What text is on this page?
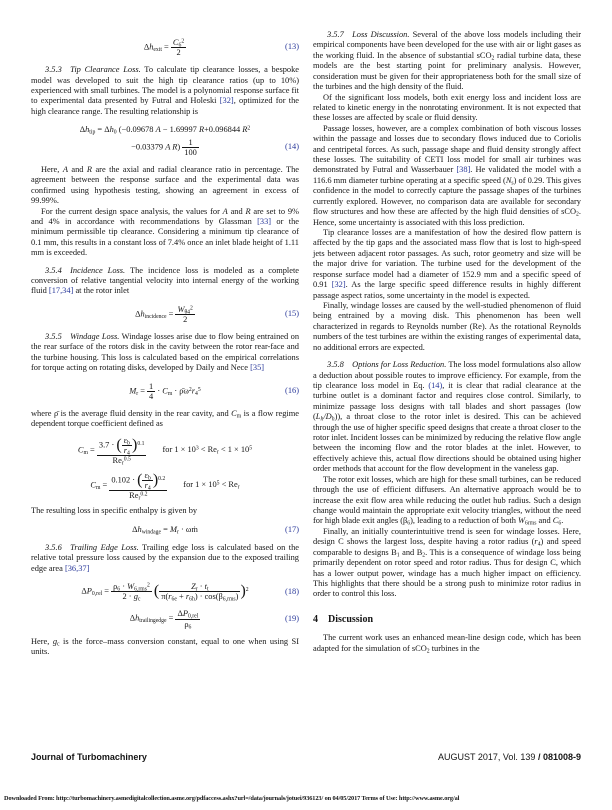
$\Delta h_{exit} = \frac{C_6^2}{2}$	(13)
3.5.3  Tip Clearance Loss. To calculate tip clearance losses, a bespoke model was developed to suit the high tip clearance ratios (up to 10%) experienced with small turbines. The model is a polynomial response surface fit to experimental data presented by Futral and Holeski [32], optimized for the high clearance range. The resulting relationship is
$\Delta h_{tip} = \Delta h_0$ (−0.09678 A − 1.69997 R+0.096844 $R^2$
−0.03379 A $R) \frac{1}{100}$	(14)
Here, A and R are the axial and radial clearance ratio in percentage. The agreement between the response surface and the experimental data was confirmed using hypothesis testing, showing an agreement in excess of 99.99%.
For the current design space analysis, the values for A and R are set to 9% and 4% in accordance with recommendations by Glassman [33] or the minimum permissible tip clearance. Considering a minimum tip clearance of 0.1 mm, this results in a constant loss of 7.4% once an inlet blade height of 1.11 mm is exceeded.
3.5.4  Incidence Loss. The incidence loss is modeled as a complete conversion of relative tangential velocity into internal energy of the working fluid [17,34] at the rotor inlet
$\Delta h_{incidence} = \frac{W_{\theta 4}^2}{2}$	(15)
3.5.5  Windage Loss. Windage losses arise due to flow being entrained on the rear surface of the rotors disk in the cavity between the rotor rear-face and the turbine housing. This loss is calculated based on the empirical correlations for torque acting on rotating disks, developed by Daily and Nece [35]
$M_r = \frac{1}{4} \cdot C_m$ · $\rhō\omega^2r_4^5$	(16)
where ρ̄ is the average fluid density in the rear cavity, and $C_m$ is a flow regime dependent torque coefficient defined as
$C_m = \frac{3.7 \cdot ( \frac{\varepsilon_b}{r_4} )^{0.1}}{Re_r^{0.5}}$ for $1 \times 10^3 < Re_r < 1 \times 10^5$
$C_m = \frac{0.102 \cdot ( \frac{\varepsilon_b}{r_4} )^{0.2}}{Re_r^{0.2}}$ for $1 \times 10^5 < Re_r$
The resulting loss in specific enthalpy is given by
$\Delta h_{windage} = M_r$ · ωṁ	(17)
3.5.6  Trailing Edge Loss. Trailing edge loss is calculated based on the relative total pressure loss caused by the expansion due to the exposed trailing edge area [36,37]
$\Delta P_{0,rel} = \frac{\rho_6 \cdot W_{6,rms}^2}{2 \cdot g_c}$ ( $\frac{Z_r \cdot t_t}{\pi(r_{6e} + r_{6h}) \cdot \cos(\beta_{6,rms})} )^2$	(18)
$\Delta h_{trailingedge} = \frac{\Delta P_{0,rel}}{\rho_6}$	(19)
Here, $g_c$ is the force–mass conversion constant, equal to one when using SI units.
3.5.7  Loss Discussion. Several of the above loss models including their empirical components have been developed for the use with air or light gases as the working fluid. In the absence of substantial sCO$_2$ radial turbine data, these models are the best starting point for preliminary analysis. However, consideration must be given for their appropriateness both for the small size of the turbines and the high density of the fluid.
Of the significant loss models, both exit energy loss and incident loss are related to kinetic energy in the nonrotating environment. It is not expected that these losses are affected by scale or fluid density.
Passage losses, however, are a complex combination of both viscous losses within the passage and losses due to secondary flows induced due to Coriolis and centripetal forces. As such, passage shape and fluid density strongly affect these losses. The suitability of CETI loss model for small air turbines was demonstrated by Futral and Wasserbauer [38]. He validated the model with a 116.6 mm diameter turbine operating at a specific speed $(N_s)$ of 0.29. This gives confidence in the model to correctly capture the passage shapes of the turbines currently explored. However, no comparison data are available for secondary flow structures and how these are affected by the high fluid densities of sCO$_2$. Hence, some uncertainty is associated with this loss prediction.
Tip clearance losses are a manifestation of how the desired flow pattern is affected by the tip gaps and the associated mass flow that is lost to high-speed jets between adjacent rotor passages. As such, rotor geometry and size will be the major drive for variation. The turbine used for the development of the response surface model had a diameter of 152.9 mm and a specific speed of 0.91 [32]. As the large specific speed difference results in highly different passage aspect ratios, some uncertainty in the model is expected.
Finally, windage losses are caused by the well-studied phenomenon of fluid being entrained by a moving disk. This phenomenon has been well characterized in regards to Reynolds number (Re). As the rotational Reynolds numbers of the test turbines are within the existing ranges of experimental data, no additional errors are expected.
3.5.8  Options for Loss Reduction. The loss model formulations also allow a deduction about possible routes to improve efficiency. For example, from the tip clearance loss model in Eq. (14), it is clear that radial clearance at the turbine outlet is a dominant factor and requires close control. Similarly, to minimize passage loss designs with tall blades and short passages (low $(L_h/D_h)$), a throat close to the rotor inlet is desired. This can be achieved through the use of higher specific speed designs that create a throat closer to the rotor inlet. Incident losses can be minimized by reducing the relative flow angle between the incoming flow and the rotor blades at the inlet. However, to effectively achieve this, actual flow directions should be obtained using higher order methods that account for the flow development in the vaneless gap.
The rotor exit losses, which are high for these small turbines, can be reduced through the use of efficient diffusers. An alternative approach would be to increase the exit flow area while reducing the outlet hub radius. Such a design change would maintain the appropriate exit velocity triangles, without the need for high blade exit angles $(\beta_6)$, leading to a reduction of both $W_{6rms}$ and $C_6$.
Finally, an initially counterintuitive trend is seen for windage losses. Here, design C shows the largest loss, despite having a rotor radius $(r_4)$ and speed comparable to designs $B_1$ and $B_2$. This is a consequence of windage loss being primarily dependent on rotor speed and rotor radius. Thus for design C, which has a lower output power, windage has a much higher impact on efficiency. This highlights that there should be a strong push to minimize rotor radius in order to control this loss.
4  Discussion
The current work uses an enhanced mean-line design code, which has been adapted for the simulation of sCO$_2$ turbines in the
Journal of Turbomachinery	AUGUST 2017, Vol. 139 / 081008-9
Downloaded From: http://turbomachinery.asmedigitalcollection.asme.org/pdfaccess.ashx?url=/data/journals/jotuei/936123/ on 04/05/2017 Terms of Use: http://www.asme.org/al
